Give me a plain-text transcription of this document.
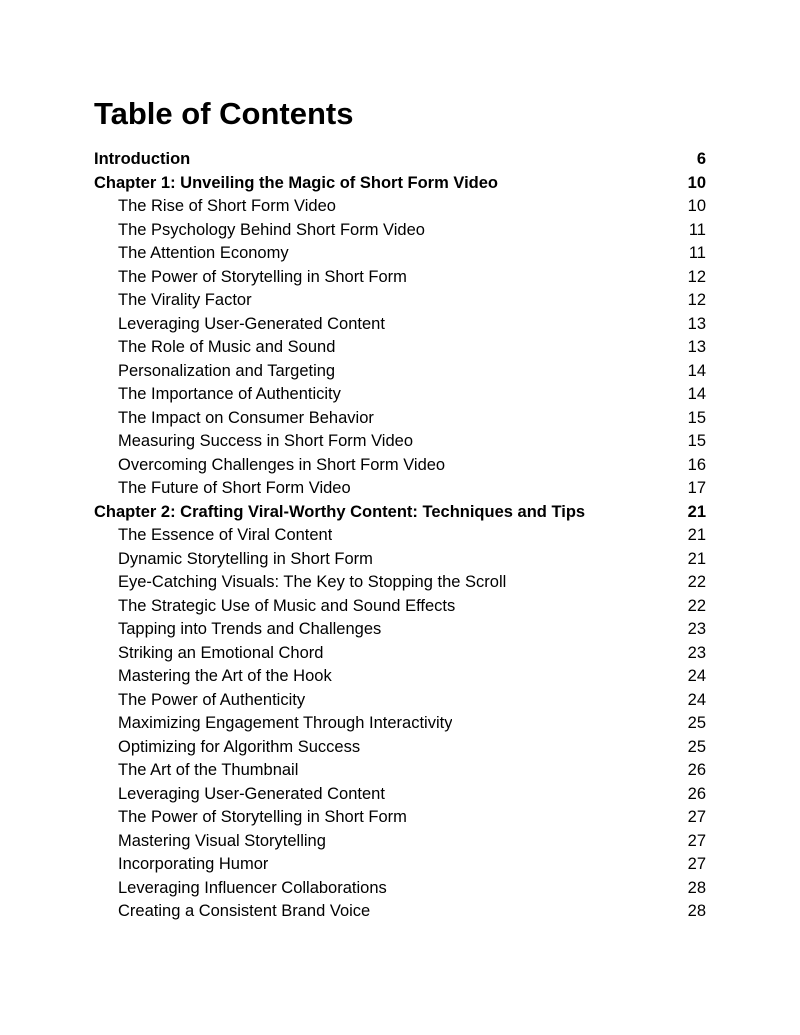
Table of Contents
Introduction	6
Chapter 1: Unveiling the Magic of Short Form Video	10
The Rise of Short Form Video	10
The Psychology Behind Short Form Video	11
The Attention Economy	11
The Power of Storytelling in Short Form	12
The Virality Factor	12
Leveraging User-Generated Content	13
The Role of Music and Sound	13
Personalization and Targeting	14
The Importance of Authenticity	14
The Impact on Consumer Behavior	15
Measuring Success in Short Form Video	15
Overcoming Challenges in Short Form Video	16
The Future of Short Form Video	17
Chapter 2: Crafting Viral-Worthy Content: Techniques and Tips	21
The Essence of Viral Content	21
Dynamic Storytelling in Short Form	21
Eye-Catching Visuals: The Key to Stopping the Scroll	22
The Strategic Use of Music and Sound Effects	22
Tapping into Trends and Challenges	23
Striking an Emotional Chord	23
Mastering the Art of the Hook	24
The Power of Authenticity	24
Maximizing Engagement Through Interactivity	25
Optimizing for Algorithm Success	25
The Art of the Thumbnail	26
Leveraging User-Generated Content	26
The Power of Storytelling in Short Form	27
Mastering Visual Storytelling	27
Incorporating Humor	27
Leveraging Influencer Collaborations	28
Creating a Consistent Brand Voice	28
